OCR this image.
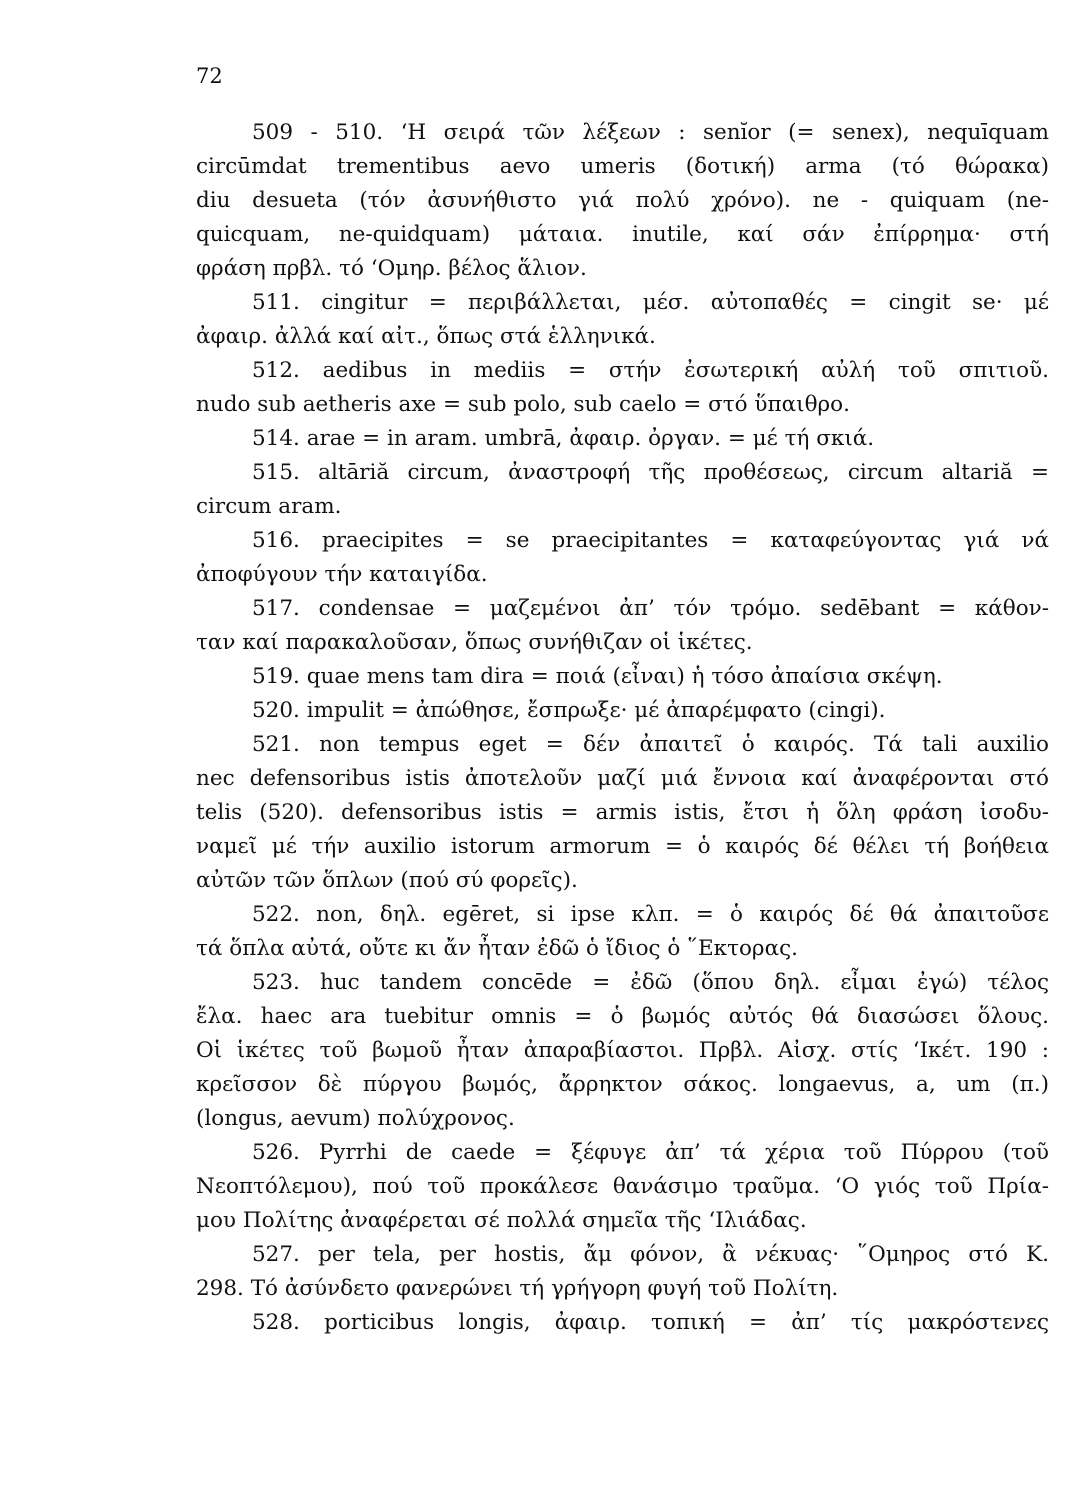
72
509 - 510. ‘Η σειρά τῶν λέξεων : senĭor (= senex), nequīquam
circūmdat trementibus aevo umeris (δοτική) arma (τό θώρακα)
diu desueta (τόν ἀσυνήθιστο γιά πολύ χρόνο). ne - quiquam (ne-
quicquam, ne-quidquam) μάταια. inutile, καί σάν ἐπίρρημα· στή
φράση πρβλ. τό ‘Ομηρ. βέλος ἅλιον.
511. cingitur = περιβάλλεται, μέσ. αὐτοπαθές = cingit se· μέ
ἀφαιρ. ἀλλά καί αἰτ., ὅπως στά ἑλληνικά.
512. aedibus in mediis = στήν ἐσωτερική αὐλή τοῦ σπιτιοῦ.
nudo sub aetheris axe = sub polo, sub caelo = στό ὕπαιθρο.
514. arae = in aram. umbrā, ἀφαιρ. ὀργαν. = μέ τή σκιά.
515. altāriă circum, ἀναστροφή τῆς προθέσεως, circum altariă =
circum aram.
516. praecipites = se praecipitantes = καταφεύγοντας γιά νά
ἀποφύγουν τήν καταιγίδα.
517. condensae = μαζεμένοι ἀπ’ τόν τρόμο. sedēbant = κάθον-
ταν καί παρακαλοῦσαν, ὅπως συνήθιζαν οἱ ἱκέτες.
519. quae mens tam dira = ποιά (εἶναι) ἡ τόσο ἀπαίσια σκέψη.
520. impulit = ἀπώθησε, ἔσπρωξε· μέ ἀπαρέμφατο (cingi).
521. non tempus eget = δέν ἀπαιτεῖ ὁ καιρός. Τά tali auxilio
nec defensoribus istis ἀποτελοῦν μαζί μιά ἔννοια καί ἀναφέρονται στό
telis (520). defensoribus istis = armis istis, ἔτσι ἡ ὅλη φράση ἰσοδυ-
ναμεῖ μέ τήν auxilio istorum armorum = ὁ καιρός δέ θέλει τή βοήθεια
αὐτῶν τῶν ὅπλων (πού σύ φορεῖς).
522. non, δηλ. egēret, si ipse κλπ. = ὁ καιρός δέ θά ἀπαιτοῦσε
τά ὅπλα αὐτά, οὔτε κι ἄν ἦταν ἐδῶ ὁ ἴδιος ὁ ῞Εκτορας.
523. huc tandem concēde = ἐδῶ (ὅπου δηλ. εἶμαι ἐγώ) τέλος
ἔλα. haec ara tuebitur omnis = ὁ βωμός αὐτός θά διασώσει ὅλους.
Οἱ ἱκέτες τοῦ βωμοῦ ἦταν ἀπαραβίαστοι. Πρβλ. Αἰσχ. στίς ‘Ικέτ. 190 :
κρεῖσσον δὲ πύργου βωμός, ἄρρηκτον σάκος. longaevus, a, um (π.)
(longus, aevum) πολύχρονος.
526. Pyrrhi de caede = ξέφυγε ἀπ’ τά χέρια τοῦ Πύρρου (τοῦ
Νεοπτόλεμου), πού τοῦ προκάλεσε θανάσιμο τραῦμα. ‘Ο γιός τοῦ Πρία-
μου Πολίτης ἀναφέρεται σέ πολλά σημεῖα τῆς ‘Ιλιάδας.
527. per tela, per hostis, ἄμ φόνον, ἂ νέκυας· ῞Ομηρος στό Κ.
298. Τό ἀσύνδετο φανερώνει τή γρήγορη φυγή τοῦ Πολίτη.
528. porticibus longis, ἀφαιρ. τοπική = ἀπ’ τίς μακρόστενες
